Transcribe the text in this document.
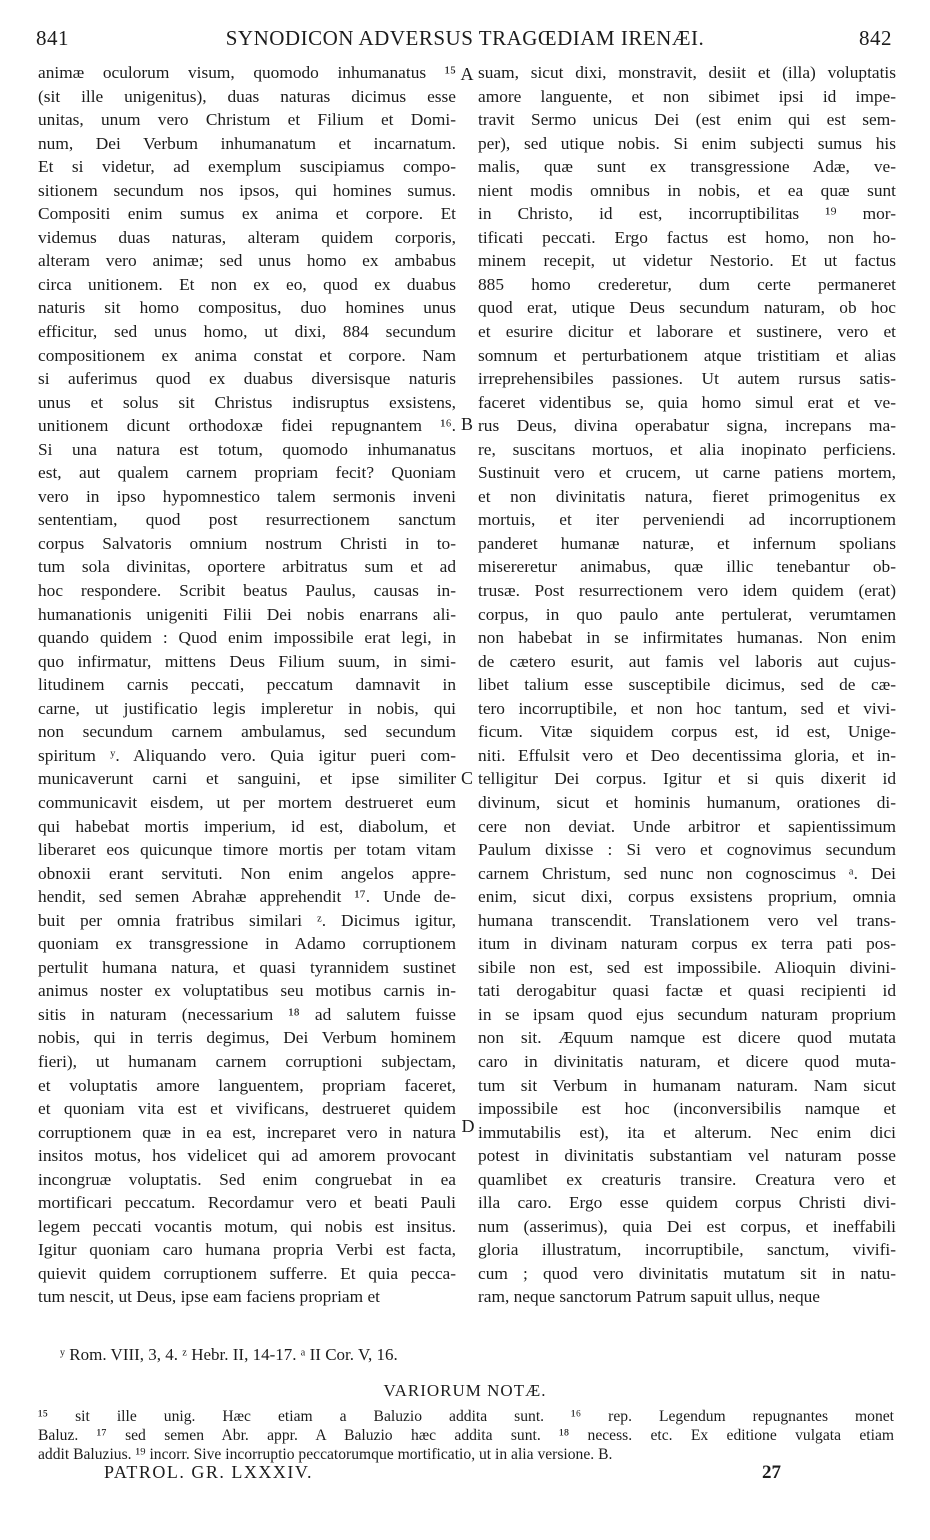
841	SYNODICON ADVERSUS TRAGŒDIAM IRENÆI.	842
animæ oculorum visum, quomodo inhumanatus ¹⁵
(sit ille unigenitus), duas naturas dicimus esse
unitas, unum vero Christum et Filium et Domi-
num, Dei Verbum inhumanatum et incarnatum.
Et si videtur, ad exemplum suscipiamus compo-
sitionem secundum nos ipsos, qui homines sumus.
Compositi enim sumus ex anima et corpore. Et
videmus duas naturas, alteram quidem corporis,
alteram vero animæ; sed unus homo ex ambabus
circa unitionem. Et non ex eo, quod ex duabus
naturis sit homo compositus, duo homines unus
efficitur, sed unus homo, ut dixi, 884 secundum
compositionem ex anima constat et corpore. Nam
si auferimus quod ex duabus diversisque naturis
unus et solus sit Christus indisruptus exsistens,
unitionem dicunt orthodoxæ fidei repugnantem ¹⁶.
Si una natura est totum, quomodo inhumanatus
est, aut qualem carnem propriam fecit? Quoniam
vero in ipso hypomnestico talem sermonis inveni
sententiam, quod post resurrectionem sanctum
corpus Salvatoris omnium nostrum Christi in to-
tum sola divinitas, oportere arbitratus sum et ad
hoc respondere. Scribit beatus Paulus, causas in-
humanationis unigeniti Filii Dei nobis enarrans ali-
quando quidem : Quod enim impossibile erat legi, in
quo infirmatur, mittens Deus Filium suum, in simi-
litudinem carnis peccati, peccatum damnavit in
carne, ut justificatio legis impleretur in nobis, qui
non secundum carnem ambulamus, sed secundum
spiritum ʸ. Aliquando vero. Quia igitur pueri com-
municaverunt carni et sanguini, et ipse similiter
communicavit eisdem, ut per mortem destrueret eum
qui habebat mortis imperium, id est, diabolum, et
liberaret eos quicunque timore mortis per totam vitam
obnoxii erant servituti. Non enim angelos appre-
hendit, sed semen Abrahæ apprehendit ¹⁷. Unde de-
buit per omnia fratribus similari ᶻ. Dicimus igitur,
quoniam ex transgressione in Adamo corruptionem
pertulit humana natura, et quasi tyrannidem sustinet
animus noster ex voluptatibus seu motibus carnis in-
sitis in naturam (necessarium ¹⁸ ad salutem fuisse
nobis, qui in terris degimus, Dei Verbum hominem
fieri), ut humanam carnem corruptioni subjectam,
et voluptatis amore languentem, propriam faceret,
et quoniam vita est et vivificans, destrueret quidem
corruptionem quæ in ea est, increparet vero in natura
insitos motus, hos videlicet qui ad amorem provocant
incongruæ voluptatis. Sed enim congruebat in ea
mortificari peccatum. Recordamur vero et beati Pauli
legem peccati vocantis motum, qui nobis est insitus.
Igitur quoniam caro humana propria Verbi est facta,
quievit quidem corruptionem sufferre. Et quia pecca-
tum nescit, ut Deus, ipse eam faciens propriam et
suam, sicut dixi, monstravit, desiit et (illa) voluptatis
amore languente, et non sibimet ipsi id impe-
travit Sermo unicus Dei (est enim qui est sem-
per), sed utique nobis. Si enim subjecti sumus his
malis, quæ sunt ex transgressione Adæ, ve-
nient modis omnibus in nobis, et ea quæ sunt
in Christo, id est, incorruptibilitas ¹⁹ mor-
tificati peccati. Ergo factus est homo, non ho-
minem recepit, ut videtur Nestorio. Et ut factus
885 homo crederetur, dum certe permaneret
quod erat, utique Deus secundum naturam, ob hoc
et esurire dicitur et laborare et sustinere, vero et
somnum et perturbationem atque tristitiam et alias
irreprehensibiles passiones. Ut autem rursus satis-
faceret videntibus se, quia homo simul erat et ve-
rus Deus, divina operabatur signa, increpans ma-
re, suscitans mortuos, et alia inopinato perficiens.
Sustinuit vero et crucem, ut carne patiens mortem,
et non divinitatis natura, fieret primogenitus ex
mortuis, et iter perveniendi ad incorruptionem
panderet humanæ naturæ, et infernum spolians
misereretur animabus, quæ illic tenebantur ob-
trusæ. Post resurrectionem vero idem quidem (erat)
corpus, in quo paulo ante pertulerat, verumtamen
non habebat in se infirmitates humanas. Non enim
de cætero esurit, aut famis vel laboris aut cujus-
libet talium esse susceptibile dicimus, sed de cæ-
tero incorruptibile, et non hoc tantum, sed et vivi-
ficum. Vitæ siquidem corpus est, id est, Unige-
niti. Effulsit vero et Deo decentissima gloria, et in-
telligitur Dei corpus. Igitur et si quis dixerit id
divinum, sicut et hominis humanum, orationes di-
cere non deviat. Unde arbitror et sapientissimum
Paulum dixisse : Si vero et cognovimus secundum
carnem Christum, sed nunc non cognoscimus ᵃ. Dei
enim, sicut dixi, corpus exsistens proprium, omnia
humana transcendit. Translationem vero vel trans-
itum in divinam naturam corpus ex terra pati pos-
sibile non est, sed est impossibile. Alioquin divini-
tati derogabitur quasi factæ et quasi recipienti id
in se ipsam quod ejus secundum naturam proprium
non sit. Æquum namque est dicere quod mutata
caro in divinitatis naturam, et dicere quod muta-
tum sit Verbum in humanam naturam. Nam sicut
impossibile est hoc (inconversibilis namque et
immutabilis est), ita et alterum. Nec enim dici
potest in divinitatis substantiam vel naturam posse
quamlibet ex creaturis transire. Creatura vero et
illa caro. Ergo esse quidem corpus Christi divi-
num (asserimus), quia Dei est corpus, et ineffabili
gloria illustratum, incorruptibile, sanctum, vivifi-
cum ; quod vero divinitatis mutatum sit in natu-
ram, neque sanctorum Patrum sapuit ullus, neque
A
B
C
D
ʸ Rom. VIII, 3, 4. ᶻ Hebr. II, 14-17. ᵃ II Cor. V, 16.
VARIORUM NOTÆ.
¹⁵ sit ille unig. Hæc etiam a Baluzio addita sunt. ¹⁶ rep. Legendum repugnantes monet
Baluz. ¹⁷ sed semen Abr. appr. A Baluzio hæc addita sunt. ¹⁸ necess. etc. Ex editione vulgata etiam
addit Baluzius. ¹⁹ incorr. Sive incorruptio peccatorumque mortificatio, ut in alia versione. B.
PATROL. GR. LXXXIV.	27
